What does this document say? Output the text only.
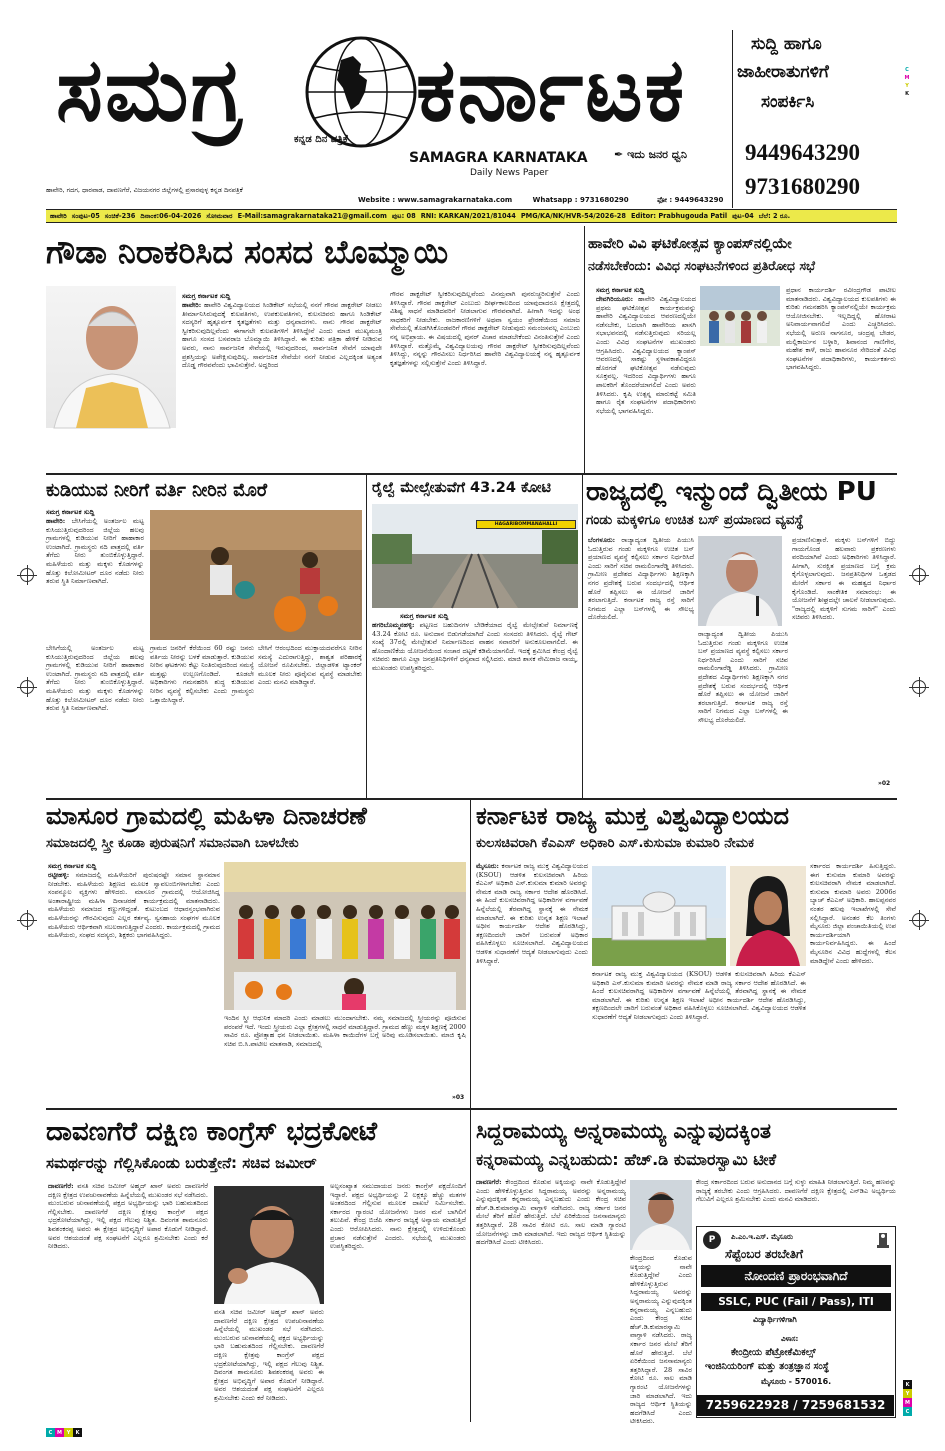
ಸಮಗ್ರ ಕರ್ನಾಟಕ
ಕನ್ನಡ ದಿನ ಪತ್ರಿಕೆ
SAMAGRA KARNATAKA
Daily News Paper
✒ ಇದು ಜನರ ಧ್ವನಿ
ಹಾವೇರಿ, ಗದಗ, ಧಾರವಾಡ, ದಾವಣಗೆರೆ, ವಿಜಯನಗರ ಜಿಲ್ಲೆಗಳಲ್ಲಿ ಪ್ರಸಾರವುಳ್ಳ ಕನ್ನಡ ದಿನಪತ್ರಿಕೆ
Website : www.samagrakarnataka.com	Whatsapp : 9731680290	ಫೋ : 9449643290
ಸುದ್ದಿ ಹಾಗೂ
ಜಾಹೀರಾತುಗಳಿಗೆ
ಸಂಪರ್ಕಿಸಿ
9449643290
9731680290
C
M
Y
K
ಹಾವೇರಿ ಸಂಪುಟ-05 ಸಂಚಿಕೆ-236 ದಿನಾಂಕ:06-04-2026 ಸೋಮವಾರ E-Mail:samagrakarnataka21@gmail.com ಪುಟ: 08 RNI: KARKAN/2021/81044 PMG/KA/NK/HVR-54/2026-28 Editor: Prabhugouda Patil ಪುಟ-04 ಬೆಲೆ: 2 ರೂ.
ಗೌಡಾ ನಿರಾಕರಿಸಿದ ಸಂಸದ ಬೊಮ್ಮಾಯಿ
ಸಮಗ್ರ ಕರ್ನಾಟಕ ಸುದ್ದಿ
ಹಾವೇರಿ: ಹಾವೇರಿ ವಿಶ್ವವಿದ್ಯಾಲಯದ ಸಿಂಡಿಕೇಟ್ ಸಭೆಯಲ್ಲಿ ನನಗೆ ಗೌರವ ಡಾಕ್ಟರೇಟ್ ನೀಡಲು ತೀರ್ಮಾನಿಸಿರುವುದಕ್ಕೆ ಕುಲಪತಿಗಳು, ಉಪಕುಲಪತಿಗಳು, ಕುಲಸಚಿವರು ಹಾಗೂ ಸಿಂಡಿಕೇಟ್ ಸದಸ್ಯರಿಗೆ ಹೃತ್ಪೂರ್ವಕ ಕೃತಜ್ಞತೆಗಳು ಮತ್ತು ಧನ್ಯವಾದಗಳು. ನಾನು ಗೌರವ ಡಾಕ್ಟರೇಟ್ ಸ್ವೀಕರಿಸುವುದಿಲ್ಲವೆಂದು ಈಗಾಗಲೇ ಕುಲಪತಿಗಳಿಗೆ ತಿಳಿಸಿದ್ದೇನೆ ಎಂದು ಮಾಜಿ ಮುಖ್ಯಮಂತ್ರಿ ಹಾಗೂ ಸಂಸದ ಬಸವರಾಜ ಬೊಮ್ಮಾಯಿ ತಿಳಿಸಿದ್ದಾರೆ. ಈ ಕುರಿತು ಪತ್ರಿಕಾ ಹೇಳಿಕೆ ನೀಡಿರುವ ಅವರು, ನಾನು ಸಾರ್ವಜನಿಕ ಸೇವೆಯಲ್ಲಿ ಇರುವುದರಿಂದ, ಸಾರ್ವಜನಿಕ ಸೇವೆಗೆ ಯಾವುದೇ ಪ್ರಶಸ್ತಿಯನ್ನು ಅಪೇಕ್ಷಿಸುವುದಿಲ್ಲ. ಸಾರ್ವಜನಿಕ ಸೇವೆಯೇ ನನಗೆ ನೀಡುವ ಎಲ್ಲದಕ್ಕಿಂತ ಅತ್ಯಂತ ದೊಡ್ಡ ಗೌರವವೆಂದು ಭಾವಿಸುತ್ತೇನೆ. ಅದ್ದರಿಂದ
ಗೌರವ ಡಾಕ್ಟರೇಟ್ ಸ್ವೀಕರಿಸುವುದಿಲ್ಲವೆಂದು ವಿನಮ್ರವಾಗಿ ಪುನರುಚ್ಚರಿಸುತ್ತೇನೆ ಎಂದು ತಿಳಿಸಿದ್ದಾರೆ. ಗೌರವ ಡಾಕ್ಟರೇಟ್ ಎಂಬುದು ದೀರ್ಘಕಾಲದಿಂದ ಯಾವುದಾದರೂ ಕ್ಷೇತ್ರದಲ್ಲಿ ವಿಶಿಷ್ಟ ಸಾಧನೆ ಮಾಡಿದವರಿಗೆ ನೀಡಲಾಗುವ ಗೌರವವಾಗಿದೆ. ಹೀಗಾಗಿ ಇದನ್ನು ಅಂಥ ಸಾಧಕರಿಗೆ ನೀಡಬೇಕು. ರಾಜಕಾರಣಿಗಳಿಗೆ ಅಥವಾ ಸ್ವಯಂ ಪ್ರೇರಣೆಯಿಂದ ಸಮಾಜ ಸೇವೆಯಲ್ಲಿ ತೊಡಗಿಸಿಕೊಂಡವರಿಗೆ ಗೌರವ ಡಾಕ್ಟರೇಟ್ ನೀಡುವುದು ಸಮಂಜಸವಲ್ಲ ಎಂಬುದು ನನ್ನ ಅಭಿಪ್ರಾಯ. ಈ ವಿಷಯದಲ್ಲಿ ಪುನರ್ ವಿಚಾರ ಮಾಡಬೇಕೆಂದು ವಿನಂತಿಸುತ್ತೇನೆ ಎಂದು ತಿಳಿಸಿದ್ದಾರೆ. ಮತ್ತೊಮ್ಮೆ ವಿಶ್ವವಿದ್ಯಾಲಯವು ಗೌರವ ಡಾಕ್ಟರೇಟ್ ಸ್ವೀಕರಿಸುವುದಿಲ್ಲವೆಂದು ತಿಳಿಸಿದ್ದು, ನನ್ನನ್ನು ಗೌರವಿಸಲು ನಿರ್ಧರಿಸಿದ ಹಾವೇರಿ ವಿಶ್ವವಿದ್ಯಾಲಯಕ್ಕೆ ನನ್ನ ಹೃತ್ಪೂರ್ವಕ ಕೃತಜ್ಞತೆಗಳನ್ನು ಸಲ್ಲಿಸುತ್ತೇನೆ ಎಂದು ತಿಳಿಸಿದ್ದಾರೆ.
ಹಾವೇರಿ ವಿವಿ ಘಟಿಕೋತ್ಸವ ಕ್ಯಾಂಪಸ್‌ನಲ್ಲಿಯೇ
ನಡೆಸಬೇಕೆಂದು: ವಿವಿಧ ಸಂಘಟನೆಗಳಿಂದ ಪ್ರತಿರೋಧ ಸಭೆ
ಸಮಗ್ರ ಕರ್ನಾಟಕ ಸುದ್ದಿ
ದೇವಗಿರಿಯೂರು: ಹಾವೇರಿ ವಿಶ್ವವಿದ್ಯಾಲಯದ ಪ್ರಥಮ ಘಟಿಕೋತ್ಸವ ಕಾರ್ಯಕ್ರಮವನ್ನು ಹಾವೇರಿ ವಿಶ್ವವಿದ್ಯಾಲಯದ ಆವರಣದಲ್ಲಿಯೇ ನಡೆಸಬೇಕು, ಬದಲಾಗಿ ಹಾವೇರಿಯ ಖಾಸಗಿ ಸಭಾಭವನದಲ್ಲಿ ನಡೆಸುತ್ತಿರುವುದು ಸರಿಯಲ್ಲ ಎಂದು ವಿವಿಧ ಸಂಘಟನೆಗಳ ಮುಖಂಡರು ಆಗ್ರಹಿಸಿದರು. ವಿಶ್ವವಿದ್ಯಾಲಯದ ಕ್ಯಾಂಪಸ್ ಆವರಣದಲ್ಲಿ ಸಾಕಷ್ಟು ಸ್ಥಳಾವಕಾಶವಿದ್ದರೂ ಹೊರಗಡೆ ಘಟಿಕೋತ್ಸವ ನಡೆಸುವುದು ಸೂಕ್ತವಲ್ಲ. ಇದರಿಂದ ವಿದ್ಯಾರ್ಥಿಗಳು ಹಾಗೂ ಪಾಲಕರಿಗೆ ತೊಂದರೆಯಾಗಲಿದೆ ಎಂದು ಅವರು ತಿಳಿಸಿದರು. ಕೃಷಿ ಉತ್ಪನ್ನ ಮಾರುಕಟ್ಟೆ ಸಮಿತಿ ಹಾಗೂ ರೈತ ಸಂಘಟನೆಗಳ ಪದಾಧಿಕಾರಿಗಳು ಸಭೆಯಲ್ಲಿ ಭಾಗವಹಿಸಿದ್ದರು.
ಪ್ರಧಾನ ಕಾರ್ಯದರ್ಶಿ ರವೀಂದ್ರಗೌಡ ಪಾಟೀಲ ಮಾತನಾಡಿದರು. ವಿಶ್ವವಿದ್ಯಾಲಯದ ಕುಲಪತಿಗಳು ಈ ಕುರಿತು ಗಮನಹರಿಸಿ ಕ್ಯಾಂಪಸ್‌ನಲ್ಲಿಯೇ ಕಾರ್ಯಕ್ರಮ ಆಯೋಜಿಸಬೇಕು. ಇಲ್ಲದಿದ್ದಲ್ಲಿ ಹೋರಾಟ ಅನಿವಾರ್ಯವಾಗಲಿದೆ ಎಂದು ಎಚ್ಚರಿಸಿದರು. ಸಭೆಯಲ್ಲಿ ಅರುಣ ನಾಗನೂರ, ಚಂದ್ರಪ್ಪ ಬೇಡರ, ಮಲ್ಲಿಕಾರ್ಜುನ ಬಳ್ಳಾರಿ, ಶಿವಾನಂದ ಗಾಣಿಗೇರ, ಮಹೇಶ ಕಾಳೆ, ರಾಜು ಹಾವನೂರ ಸೇರಿದಂತೆ ವಿವಿಧ ಸಂಘಟನೆಗಳ ಪದಾಧಿಕಾರಿಗಳು, ಕಾರ್ಯಕರ್ತರು ಭಾಗವಹಿಸಿದ್ದರು.
ಕುಡಿಯುವ ನೀರಿಗೆ ವರ್ತಿ ನೀರಿನ ಮೊರೆ
ಸಮಗ್ರ ಕರ್ನಾಟಕ ಸುದ್ದಿ
ಹಾವೇರಿ: ಬೇಸಿಗೆಯಲ್ಲಿ ಅಂತರ್ಜಲ ಮಟ್ಟ ಕುಸಿಯುತ್ತಿರುವುದರಿಂದ ಜಿಲ್ಲೆಯ ಹಲವು ಗ್ರಾಮಗಳಲ್ಲಿ ಕುಡಿಯುವ ನೀರಿಗೆ ಹಾಹಾಕಾರ ಉಂಟಾಗಿದೆ. ಗ್ರಾಮಸ್ಥರು ನದಿ ಪಾತ್ರದಲ್ಲಿ ವರ್ತಿ ತೆಗೆದು ನೀರು ತುಂಬಿಕೊಳ್ಳುತ್ತಿದ್ದಾರೆ. ಮಹಿಳೆಯರು ಮತ್ತು ಮಕ್ಕಳು ಕೊಡಗಳನ್ನು ಹೊತ್ತು ಕಿಲೋಮೀಟರ್ ದೂರ ನಡೆದು ನೀರು ತರುವ ಸ್ಥಿತಿ ನಿರ್ಮಾಣವಾಗಿದೆ.
ಬೇಸಿಗೆಯಲ್ಲಿ ಅಂತರ್ಜಲ ಮಟ್ಟ ಕುಸಿಯುತ್ತಿರುವುದರಿಂದ ಜಿಲ್ಲೆಯ ಹಲವು ಗ್ರಾಮಗಳಲ್ಲಿ ಕುಡಿಯುವ ನೀರಿಗೆ ಹಾಹಾಕಾರ ಉಂಟಾಗಿದೆ. ಗ್ರಾಮಸ್ಥರು ನದಿ ಪಾತ್ರದಲ್ಲಿ ವರ್ತಿ ತೆಗೆದು ನೀರು ತುಂಬಿಕೊಳ್ಳುತ್ತಿದ್ದಾರೆ. ಮಹಿಳೆಯರು ಮತ್ತು ಮಕ್ಕಳು ಕೊಡಗಳನ್ನು ಹೊತ್ತು ಕಿಲೋಮೀಟರ್ ದೂರ ನಡೆದು ನೀರು ತರುವ ಸ್ಥಿತಿ ನಿರ್ಮಾಣವಾಗಿದೆ.
ಗ್ರಾಮದ ಜನರಿಗೆ ಕೆರೆಯಿಂದ 60 ರಷ್ಟು ಜನರು ವರ್ತಿಯ ನೀರನ್ನು ಬಳಕೆ ಮಾಡುತ್ತಾರೆ. ಕುಡಿಯುವ ನೀರಿನ ಘಟಕಗಳು ಕೆಟ್ಟು ನಿಂತಿರುವುದರಿಂದ ಸಮಸ್ಯೆ ಮತ್ತಷ್ಟು ಉಲ್ಬಣಗೊಂಡಿದೆ. ಕೂಡಲೇ ಅಧಿಕಾರಿಗಳು ಗಮನಹರಿಸಿ ಶುದ್ಧ ಕುಡಿಯುವ ನೀರಿನ ವ್ಯವಸ್ಥೆ ಕಲ್ಪಿಸಬೇಕು ಎಂದು ಗ್ರಾಮಸ್ಥರು ಒತ್ತಾಯಿಸಿದ್ದಾರೆ.
ಬೇಸಿಗೆ ಆರಂಭದಿಂದ ಮುಕ್ತಾಯದವರೆಗೂ ನೀರಿನ ಸಮಸ್ಯೆ ಎದುರಾಗುತ್ತಿದ್ದು, ಶಾಶ್ವತ ಪರಿಹಾರಕ್ಕೆ ಯೋಜನೆ ರೂಪಿಸಬೇಕು. ಜಿಲ್ಲಾಡಳಿತ ಟ್ಯಾಂಕರ್ ಮೂಲಕ ನೀರು ಪೂರೈಸುವ ವ್ಯವಸ್ಥೆ ಮಾಡಬೇಕು ಎಂದು ಮನವಿ ಮಾಡಿದ್ದಾರೆ.
ರೈಲ್ವೆ ಮೇಲ್ಸೇತುವೆಗೆ 43.24 ಕೋಟಿ
HAGARIBOMMANAHALLI
ಸಮಗ್ರ ಕರ್ನಾಟಕ ಸುದ್ದಿ
ಹಗರಿಬೊಮ್ಮನಹಳ್ಳಿ: ಪಟ್ಟಣದ ಬಹುದಿನಗಳ ಬೇಡಿಕೆಯಾದ ರೈಲ್ವೆ ಮೇಲ್ಸೇತುವೆ ನಿರ್ಮಾಣಕ್ಕೆ 43.24 ಕೋಟಿ ರೂ. ಅನುದಾನ ಬಿಡುಗಡೆಯಾಗಿದೆ ಎಂದು ಸಂಸದರು ತಿಳಿಸಿದರು. ರೈಲ್ವೆ ಗೇಟ್ ಸಂಖ್ಯೆ 37ರಲ್ಲಿ ಮೇಲ್ಸೇತುವೆ ನಿರ್ಮಾಣದಿಂದ ವಾಹನ ಸವಾರರಿಗೆ ಅನುಕೂಲವಾಗಲಿದೆ. ಈ ಹೊಂದಾಣಿಕೆಯ ಯೋಜನೆಯಿಂದ ಸಂಚಾರ ದಟ್ಟಣೆ ಕಡಿಮೆಯಾಗಲಿದೆ. ಇದಕ್ಕೆ ಶ್ರಮಿಸಿದ ಕೇಂದ್ರ ರೈಲ್ವೆ ಸಚಿವರು ಹಾಗೂ ಎಲ್ಲಾ ಜನಪ್ರತಿನಿಧಿಗಳಿಗೆ ಧನ್ಯವಾದ ಸಲ್ಲಿಸಿದರು. ಮಾಜಿ ಶಾಸಕ ನೇಮಿರಾಜ ನಾಯ್ಕ, ಮುಖಂಡರು ಉಪಸ್ಥಿತರಿದ್ದರು.
ರಾಜ್ಯದಲ್ಲಿ ಇನ್ಮುಂದೆ ದ್ವಿತೀಯ PU
ಗಂಡು ಮಕ್ಕಳಿಗೂ ಉಚಿತ ಬಸ್ ಪ್ರಯಾಣದ ವ್ಯವಸ್ಥೆ
ಬೆಂಗಳೂರು: ರಾಜ್ಯಾದ್ಯಂತ ದ್ವಿತೀಯ ಪಿಯುಸಿ ಓದುತ್ತಿರುವ ಗಂಡು ಮಕ್ಕಳಿಗೂ ಉಚಿತ ಬಸ್ ಪ್ರಯಾಣದ ವ್ಯವಸ್ಥೆ ಕಲ್ಪಿಸಲು ಸರ್ಕಾರ ನಿರ್ಧರಿಸಿದೆ ಎಂದು ಸಾರಿಗೆ ಸಚಿವ ರಾಮಲಿಂಗಾರೆಡ್ಡಿ ತಿಳಿಸಿದರು. ಗ್ರಾಮೀಣ ಪ್ರದೇಶದ ವಿದ್ಯಾರ್ಥಿಗಳು ಶಿಕ್ಷಣಕ್ಕಾಗಿ ನಗರ ಪ್ರದೇಶಕ್ಕೆ ಬರುವ ಸಂದರ್ಭದಲ್ಲಿ ಆರ್ಥಿಕ ಹೊರೆ ತಪ್ಪಿಸಲು ಈ ಯೋಜನೆ ಜಾರಿಗೆ ತರಲಾಗುತ್ತಿದೆ. ಕರ್ನಾಟಕ ರಾಜ್ಯ ರಸ್ತೆ ಸಾರಿಗೆ ನಿಗಮದ ಎಲ್ಲಾ ಬಸ್‌ಗಳಲ್ಲಿ ಈ ಸೌಲಭ್ಯ ದೊರೆಯಲಿದೆ.
ರಾಜ್ಯಾದ್ಯಂತ ದ್ವಿತೀಯ ಪಿಯುಸಿ ಓದುತ್ತಿರುವ ಗಂಡು ಮಕ್ಕಳಿಗೂ ಉಚಿತ ಬಸ್ ಪ್ರಯಾಣದ ವ್ಯವಸ್ಥೆ ಕಲ್ಪಿಸಲು ಸರ್ಕಾರ ನಿರ್ಧರಿಸಿದೆ ಎಂದು ಸಾರಿಗೆ ಸಚಿವ ರಾಮಲಿಂಗಾರೆಡ್ಡಿ ತಿಳಿಸಿದರು. ಗ್ರಾಮೀಣ ಪ್ರದೇಶದ ವಿದ್ಯಾರ್ಥಿಗಳು ಶಿಕ್ಷಣಕ್ಕಾಗಿ ನಗರ ಪ್ರದೇಶಕ್ಕೆ ಬರುವ ಸಂದರ್ಭದಲ್ಲಿ ಆರ್ಥಿಕ ಹೊರೆ ತಪ್ಪಿಸಲು ಈ ಯೋಜನೆ ಜಾರಿಗೆ ತರಲಾಗುತ್ತಿದೆ. ಕರ್ನಾಟಕ ರಾಜ್ಯ ರಸ್ತೆ ಸಾರಿಗೆ ನಿಗಮದ ಎಲ್ಲಾ ಬಸ್‌ಗಳಲ್ಲಿ ಈ ಸೌಲಭ್ಯ ದೊರೆಯಲಿದೆ.
ಪ್ರಯಾಣಿಸುತ್ತಾರೆ. ಮಕ್ಕಳು ಬಸ್‌ಗಳಿಗೆ ಬಿದ್ದು ಗಾಯಗೊಂಡ ಹಲವಾರು ಪ್ರಕರಣಗಳು ವರದಿಯಾಗಿವೆ ಎಂದು ಅಧಿಕಾರಿಗಳು ತಿಳಿಸಿದ್ದಾರೆ. ಹೀಗಾಗಿ, ಸುರಕ್ಷಿತ ಪ್ರಯಾಣದ ಬಗ್ಗೆ ಕ್ರಮ ಕೈಗೊಳ್ಳಲಾಗುವುದು. ಜನಪ್ರತಿನಿಧಿಗಳ ಒತ್ತಡದ ಮೇರೆಗೆ ಸರ್ಕಾರ ಈ ಮಹತ್ವದ ನಿರ್ಧಾರ ಕೈಗೊಂಡಿದೆ. ಸಾಂಕೇತಿಕ ಸಮಾರಂಭ: ಈ ಯೋಜನೆಗೆ ಶೀಘ್ರದಲ್ಲೇ ಚಾಲನೆ ನೀಡಲಾಗುವುದು. "ರಾಜ್ಯದಲ್ಲಿ ಮಕ್ಕಳಿಗೆ ಸುಗಮ ಸಾರಿಗೆ" ಎಂದು ಸಚಿವರು ತಿಳಿಸಿದರು.
»02
ಮಾಸೂರ ಗ್ರಾಮದಲ್ಲಿ ಮಹಿಳಾ ದಿನಾಚರಣೆ
ಸಮಾಜದಲ್ಲಿ ಸ್ತ್ರೀ ಕೂಡಾ ಪುರುಷನಿಗೆ ಸಮಾನವಾಗಿ ಬಾಳಬೇಕು
ಸಮಗ್ರ ಕರ್ನಾಟಕ ಸುದ್ದಿ
ರಟ್ಟೀಹಳ್ಳಿ: ಸಮಾಜದಲ್ಲಿ ಮಹಿಳೆಯರಿಗೆ ಪುರುಷರಷ್ಟೇ ಸಮಾನ ಸ್ಥಾನಮಾನ ನೀಡಬೇಕು. ಮಹಿಳೆಯರು ಶಿಕ್ಷಣದ ಮೂಲಕ ಸ್ವಾವಲಂಬಿಗಳಾಗಬೇಕು ಎಂದು ಸಂಪನ್ಮೂಲ ವ್ಯಕ್ತಿಗಳು ಹೇಳಿದರು. ಮಾಸೂರ ಗ್ರಾಮದಲ್ಲಿ ಆಯೋಜಿಸಿದ್ದ ಅಂತಾರಾಷ್ಟ್ರೀಯ ಮಹಿಳಾ ದಿನಾಚರಣೆ ಕಾರ್ಯಕ್ರಮದಲ್ಲಿ ಮಾತನಾಡಿದರು. ಮಹಿಳೆಯರು ಸಮಾಜದ ಕಣ್ಣುಗಳಿದ್ದಂತೆ. ಕುಟುಂಬದ ಆಧಾರಸ್ತಂಭವಾಗಿರುವ ಮಹಿಳೆಯರನ್ನು ಗೌರವಿಸುವುದು ಎಲ್ಲರ ಕರ್ತವ್ಯ. ಸ್ವಸಹಾಯ ಸಂಘಗಳ ಮೂಲಕ ಮಹಿಳೆಯರು ಆರ್ಥಿಕವಾಗಿ ಸಬಲರಾಗುತ್ತಿದ್ದಾರೆ ಎಂದರು. ಕಾರ್ಯಕ್ರಮದಲ್ಲಿ ಗ್ರಾಮದ ಮಹಿಳೆಯರು, ಸಂಘದ ಸದಸ್ಯರು, ಶಿಕ್ಷಕರು ಭಾಗವಹಿಸಿದ್ದರು.
ಇಂದಿನ ಸ್ತ್ರೀ ಆಧುನಿಕ ಮಾದರಿ ಎಂದು ಮಾಡಲು ಮುಂದಾಗಬೇಕು. ನಮ್ಮ ಸಮಾಜದಲ್ಲಿ ಸ್ತ್ರೀಯರನ್ನು ಪೂಜಿಸುವ ಪರಂಪರೆ ಇದೆ. ಇಂದು ಸ್ತ್ರೀಯರು ಎಲ್ಲಾ ಕ್ಷೇತ್ರಗಳಲ್ಲಿ ಸಾಧನೆ ಮಾಡುತ್ತಿದ್ದಾರೆ. ಗ್ರಾಮದ ಹೆಣ್ಣು ಮಕ್ಕಳ ಶಿಕ್ಷಣಕ್ಕೆ 2000 ಸಾವಿರ ರೂ. ಪ್ರೋತ್ಸಾಹ ಧನ ನೀಡಲಾಯಿತು. ಮಹಿಳಾ ಕಾಯಿದೆಗಳ ಬಗ್ಗೆ ಅರಿವು ಮೂಡಿಸಲಾಯಿತು. ಮಾಜಿ ಕೃಷಿ ಸಚಿವ ಬಿ.ಸಿ.ಪಾಟೀಲ ಮಾತನಾಡಿ, ಸಮಾಜದಲ್ಲಿ
»03
ಕರ್ನಾಟಕ ರಾಜ್ಯ ಮುಕ್ತ ವಿಶ್ವವಿದ್ಯಾಲಯದ
ಕುಲಸಚಿವರಾಗಿ ಕೆಎಎಸ್ ಅಧಿಕಾರಿ ಎಸ್.ಕುಸುಮಾ ಕುಮಾರಿ ನೇಮಕ
ಮೈಸೂರು: ಕರ್ನಾಟಕ ರಾಜ್ಯ ಮುಕ್ತ ವಿಶ್ವವಿದ್ಯಾಲಯದ (KSOU) ಆಡಳಿತ ಕುಲಸಚಿವರಾಗಿ ಹಿರಿಯ ಕೆಎಎಸ್ ಅಧಿಕಾರಿ ಎಸ್.ಕುಸುಮಾ ಕುಮಾರಿ ಅವರನ್ನು ನೇಮಕ ಮಾಡಿ ರಾಜ್ಯ ಸರ್ಕಾರ ಆದೇಶ ಹೊರಡಿಸಿದೆ. ಈ ಹಿಂದೆ ಕುಲಸಚಿವರಾಗಿದ್ದ ಅಧಿಕಾರಿಗಳ ವರ್ಗಾವಣೆ ಹಿನ್ನೆಲೆಯಲ್ಲಿ ತೆರವಾಗಿದ್ದ ಸ್ಥಾನಕ್ಕೆ ಈ ನೇಮಕ ಮಾಡಲಾಗಿದೆ. ಈ ಕುರಿತು ಉನ್ನತ ಶಿಕ್ಷಣ ಇಲಾಖೆ ಅಧೀನ ಕಾರ್ಯದರ್ಶಿ ಆದೇಶ ಹೊರಡಿಸಿದ್ದು, ತಕ್ಷಣದಿಂದಲೇ ಜಾರಿಗೆ ಬರುವಂತೆ ಅಧಿಕಾರ ವಹಿಸಿಕೊಳ್ಳಲು ಸೂಚಿಸಲಾಗಿದೆ. ವಿಶ್ವವಿದ್ಯಾಲಯದ ಆಡಳಿತ ಸುಧಾರಣೆಗೆ ಆದ್ಯತೆ ನೀಡಲಾಗುವುದು ಎಂದು ತಿಳಿಸಿದ್ದಾರೆ.
ಕರ್ನಾಟಕ ರಾಜ್ಯ ಮುಕ್ತ ವಿಶ್ವವಿದ್ಯಾಲಯದ (KSOU) ಆಡಳಿತ ಕುಲಸಚಿವರಾಗಿ ಹಿರಿಯ ಕೆಎಎಸ್ ಅಧಿಕಾರಿ ಎಸ್.ಕುಸುಮಾ ಕುಮಾರಿ ಅವರನ್ನು ನೇಮಕ ಮಾಡಿ ರಾಜ್ಯ ಸರ್ಕಾರ ಆದೇಶ ಹೊರಡಿಸಿದೆ. ಈ ಹಿಂದೆ ಕುಲಸಚಿವರಾಗಿದ್ದ ಅಧಿಕಾರಿಗಳ ವರ್ಗಾವಣೆ ಹಿನ್ನೆಲೆಯಲ್ಲಿ ತೆರವಾಗಿದ್ದ ಸ್ಥಾನಕ್ಕೆ ಈ ನೇಮಕ ಮಾಡಲಾಗಿದೆ. ಈ ಕುರಿತು ಉನ್ನತ ಶಿಕ್ಷಣ ಇಲಾಖೆ ಅಧೀನ ಕಾರ್ಯದರ್ಶಿ ಆದೇಶ ಹೊರಡಿಸಿದ್ದು, ತಕ್ಷಣದಿಂದಲೇ ಜಾರಿಗೆ ಬರುವಂತೆ ಅಧಿಕಾರ ವಹಿಸಿಕೊಳ್ಳಲು ಸೂಚಿಸಲಾಗಿದೆ. ವಿಶ್ವವಿದ್ಯಾಲಯದ ಆಡಳಿತ ಸುಧಾರಣೆಗೆ ಆದ್ಯತೆ ನೀಡಲಾಗುವುದು ಎಂದು ತಿಳಿಸಿದ್ದಾರೆ.
ಸರ್ಕಾರದ ಕಾರ್ಯದರ್ಶಿ ಹಿಸುತ್ತಿದ್ದರು. ಈಗ ಕುಸುಮಾ ಕುಮಾರಿ ಅವರನ್ನು ಕುಲಸಚಿವರಾಗಿ ನೇಮಕ ಮಾಡಲಾಗಿದೆ. ಕುಸುಮಾ ಕುಮಾರಿ ಅವರು 2006ರ ಬ್ಯಾಚ್ ಕೆಎಎಸ್ ಅಧಿಕಾರಿ. ಹಾಲಪ್ಪನವರ ನಂತರ ಹಲವು ಇಲಾಖೆಗಳಲ್ಲಿ ಸೇವೆ ಸಲ್ಲಿಸಿದ್ದಾರೆ. ಅನಂತರ ಕೆಲ ತಿಂಗಳು ಮೈಸೂರು ಜಿಲ್ಲಾ ಪಂಚಾಯಿತಿಯಲ್ಲಿ ಉಪ ಕಾರ್ಯದರ್ಶಿಯಾಗಿ ಕಾರ್ಯನಿರ್ವಹಿಸಿದ್ದರು. ಈ ಹಿಂದೆ ಮೈಸೂರಿನ ವಿವಿಧ ಹುದ್ದೆಗಳಲ್ಲಿ ಕೆಲಸ ಮಾಡಿದ್ದೇನೆ ಎಂದು ಹೇಳಿದರು.
ದಾವಣಗೆರೆ ದಕ್ಷಿಣ ಕಾಂಗ್ರೆಸ್ ಭದ್ರಕೋಟೆ
ಸಮರ್ಥರನ್ನು ಗೆಲ್ಲಿಸಿಕೊಂಡು ಬರುತ್ತೇನೆ: ಸಚಿವ ಜಮೀರ್
ದಾವಣಗೆರೆ: ವಸತಿ ಸಚಿವ ಜಮೀರ್ ಅಹ್ಮದ್ ಖಾನ್ ಅವರು ದಾವಣಗೆರೆ ದಕ್ಷಿಣ ಕ್ಷೇತ್ರದ ಉಪಚುನಾವಣೆಯ ಹಿನ್ನೆಲೆಯಲ್ಲಿ ಮುಖಂಡರ ಸಭೆ ನಡೆಸಿದರು. ಮುಂಬರುವ ಚುನಾವಣೆಯಲ್ಲಿ ಪಕ್ಷದ ಅಭ್ಯರ್ಥಿಯನ್ನು ಭಾರಿ ಬಹುಮತದಿಂದ ಗೆಲ್ಲಿಸಬೇಕು. ದಾವಣಗೆರೆ ದಕ್ಷಿಣ ಕ್ಷೇತ್ರವು ಕಾಂಗ್ರೆಸ್ ಪಕ್ಷದ ಭದ್ರಕೋಟೆಯಾಗಿದ್ದು, ಇಲ್ಲಿ ಪಕ್ಷದ ಗೆಲುವು ನಿಶ್ಚಿತ. ದಿವಂಗತ ಶಾಮನೂರು ಶಿವಶಂಕರಪ್ಪ ಅವರು ಈ ಕ್ಷೇತ್ರದ ಅಭಿವೃದ್ಧಿಗೆ ಅಪಾರ ಕೊಡುಗೆ ನೀಡಿದ್ದಾರೆ. ಅವರ ಆಶಯದಂತೆ ಪಕ್ಷ ಸಂಘಟನೆಗೆ ಎಲ್ಲರೂ ಶ್ರಮಿಸಬೇಕು ಎಂದು ಕರೆ ನೀಡಿದರು.
ಅಲ್ಪಸಂಖ್ಯಾತ ಸಮುದಾಯದ ಜನರು ಕಾಂಗ್ರೆಸ್ ಪಕ್ಷದೊಂದಿಗೆ ಇದ್ದಾರೆ. ಪಕ್ಷದ ಅಭ್ಯರ್ಥಿಯನ್ನು 2 ಲಕ್ಷಕ್ಕೂ ಹೆಚ್ಚು ಮತಗಳ ಅಂತರದಿಂದ ಗೆಲ್ಲಿಸುವ ಮೂಲಕ ದಾಖಲೆ ನಿರ್ಮಿಸಬೇಕು. ಸರ್ಕಾರದ ಗ್ಯಾರಂಟಿ ಯೋಜನೆಗಳು ಜನರ ಮನೆ ಬಾಗಿಲಿಗೆ ತಲುಪಿವೆ. ಕೇಂದ್ರ ಬಿಜೆಪಿ ಸರ್ಕಾರ ರಾಜ್ಯಕ್ಕೆ ಅನ್ಯಾಯ ಮಾಡುತ್ತಿದೆ ಎಂದು ಆರೋಪಿಸಿದರು. ನಾನು ಕ್ಷೇತ್ರದಲ್ಲಿ ಉಳಿದುಕೊಂಡು ಪ್ರಚಾರ ನಡೆಸುತ್ತೇನೆ ಎಂದರು. ಸಭೆಯಲ್ಲಿ ಮುಖಂಡರು ಉಪಸ್ಥಿತರಿದ್ದರು.
ವಸತಿ ಸಚಿವ ಜಮೀರ್ ಅಹ್ಮದ್ ಖಾನ್ ಅವರು ದಾವಣಗೆರೆ ದಕ್ಷಿಣ ಕ್ಷೇತ್ರದ ಉಪಚುನಾವಣೆಯ ಹಿನ್ನೆಲೆಯಲ್ಲಿ ಮುಖಂಡರ ಸಭೆ ನಡೆಸಿದರು. ಮುಂಬರುವ ಚುನಾವಣೆಯಲ್ಲಿ ಪಕ್ಷದ ಅಭ್ಯರ್ಥಿಯನ್ನು ಭಾರಿ ಬಹುಮತದಿಂದ ಗೆಲ್ಲಿಸಬೇಕು. ದಾವಣಗೆರೆ ದಕ್ಷಿಣ ಕ್ಷೇತ್ರವು ಕಾಂಗ್ರೆಸ್ ಪಕ್ಷದ ಭದ್ರಕೋಟೆಯಾಗಿದ್ದು, ಇಲ್ಲಿ ಪಕ್ಷದ ಗೆಲುವು ನಿಶ್ಚಿತ. ದಿವಂಗತ ಶಾಮನೂರು ಶಿವಶಂಕರಪ್ಪ ಅವರು ಈ ಕ್ಷೇತ್ರದ ಅಭಿವೃದ್ಧಿಗೆ ಅಪಾರ ಕೊಡುಗೆ ನೀಡಿದ್ದಾರೆ. ಅವರ ಆಶಯದಂತೆ ಪಕ್ಷ ಸಂಘಟನೆಗೆ ಎಲ್ಲರೂ ಶ್ರಮಿಸಬೇಕು ಎಂದು ಕರೆ ನೀಡಿದರು.
ಸಿದ್ದರಾಮಯ್ಯ ಅನ್ನರಾಮಯ್ಯ ಎನ್ನುವುದಕ್ಕಿಂತ
ಕನ್ನರಾಮಯ್ಯ ಎನ್ನಬಹುದು: ಹೆಚ್.ಡಿ ಕುಮಾರಸ್ವಾಮಿ ಟೀಕೆ
ದಾವಣಗೆರೆ: ಕೇಂದ್ರದಿಂದ ಕೊಡುವ ಅಕ್ಕಿಯನ್ನು ನಾವೇ ಕೊಡುತ್ತಿದ್ದೇವೆ ಎಂದು ಹೇಳಿಕೊಳ್ಳುತ್ತಿರುವ ಸಿದ್ದರಾಮಯ್ಯ ಅವರನ್ನು ಅನ್ನರಾಮಯ್ಯ ಎನ್ನುವುದಕ್ಕಿಂತ ಕನ್ನರಾಮಯ್ಯ ಎನ್ನಬಹುದು ಎಂದು ಕೇಂದ್ರ ಸಚಿವ ಹೆಚ್.ಡಿ.ಕುಮಾರಸ್ವಾಮಿ ವಾಗ್ದಾಳಿ ನಡೆಸಿದರು. ರಾಜ್ಯ ಸರ್ಕಾರ ಜನರ ಮೇಲೆ ತೆರಿಗೆ ಹೊರೆ ಹೇರುತ್ತಿದೆ. ಬೆಲೆ ಏರಿಕೆಯಿಂದ ಜನಸಾಮಾನ್ಯರು ತತ್ತರಿಸಿದ್ದಾರೆ. 28 ಸಾವಿರ ಕೋಟಿ ರೂ. ಸಾಲ ಮಾಡಿ ಗ್ಯಾರಂಟಿ ಯೋಜನೆಗಳನ್ನು ಜಾರಿ ಮಾಡಲಾಗಿದೆ. ಇದು ರಾಜ್ಯದ ಆರ್ಥಿಕ ಸ್ಥಿತಿಯನ್ನು ಹದಗೆಡಿಸಿದೆ ಎಂದು ಟೀಕಿಸಿದರು.
ಕೇಂದ್ರ ಸರ್ಕಾರದಿಂದ ಬರುವ ಅನುದಾನದ ಬಗ್ಗೆ ಸುಳ್ಳು ಮಾಹಿತಿ ನೀಡಲಾಗುತ್ತಿದೆ. ನಿಮ್ಮ ಹಣವನ್ನು ರಾಜ್ಯಕ್ಕೆ ತರಬೇಕು ಎಂದು ಆಗ್ರಹಿಸಿದರು. ದಾವಣಗೆರೆ ದಕ್ಷಿಣ ಕ್ಷೇತ್ರದಲ್ಲಿ ಎನ್‌ಡಿಎ ಅಭ್ಯರ್ಥಿಯ ಗೆಲುವಿಗೆ ಎಲ್ಲರೂ ಶ್ರಮಿಸಬೇಕು ಎಂದು ಮನವಿ ಮಾಡಿದರು.
ಕೇಂದ್ರದಿಂದ ಕೊಡುವ ಅಕ್ಕಿಯನ್ನು ನಾವೇ ಕೊಡುತ್ತಿದ್ದೇವೆ ಎಂದು ಹೇಳಿಕೊಳ್ಳುತ್ತಿರುವ ಸಿದ್ದರಾಮಯ್ಯ ಅವರನ್ನು ಅನ್ನರಾಮಯ್ಯ ಎನ್ನುವುದಕ್ಕಿಂತ ಕನ್ನರಾಮಯ್ಯ ಎನ್ನಬಹುದು ಎಂದು ಕೇಂದ್ರ ಸಚಿವ ಹೆಚ್.ಡಿ.ಕುಮಾರಸ್ವಾಮಿ ವಾಗ್ದಾಳಿ ನಡೆಸಿದರು. ರಾಜ್ಯ ಸರ್ಕಾರ ಜನರ ಮೇಲೆ ತೆರಿಗೆ ಹೊರೆ ಹೇರುತ್ತಿದೆ. ಬೆಲೆ ಏರಿಕೆಯಿಂದ ಜನಸಾಮಾನ್ಯರು ತತ್ತರಿಸಿದ್ದಾರೆ. 28 ಸಾವಿರ ಕೋಟಿ ರೂ. ಸಾಲ ಮಾಡಿ ಗ್ಯಾರಂಟಿ ಯೋಜನೆಗಳನ್ನು ಜಾರಿ ಮಾಡಲಾಗಿದೆ. ಇದು ರಾಜ್ಯದ ಆರ್ಥಿಕ ಸ್ಥಿತಿಯನ್ನು ಹದಗೆಡಿಸಿದೆ ಎಂದು ಟೀಕಿಸಿದರು.
P	ಪಿ.ಎಂ.ಇ.ಎಸ್. ಮೈಸೂರು
ಸೆಪ್ಟೆಂಬರ ತರಬೇತಿಗೆ
ನೋಂದಣಿ ಪ್ರಾರಂಭವಾಗಿದೆ
SSLC, PUC (Fail / Pass), ITI
ವಿದ್ಯಾರ್ಥಿಗಳಿಗಾಗಿ
ವಿಳಾಸ:
ಕೇಂದ್ರೀಯ ಪೆಟ್ರೋಕೆಮಿಕಲ್ಸ್
ಇಂಜಿನಿಯರಿಂಗ್ ಮತ್ತು ತಂತ್ರಜ್ಞಾನ ಸಂಸ್ಥೆ
ಮೈಸೂರು - 570016.
7259622928 / 7259681532
C M Y	K
K
Y
M
C
